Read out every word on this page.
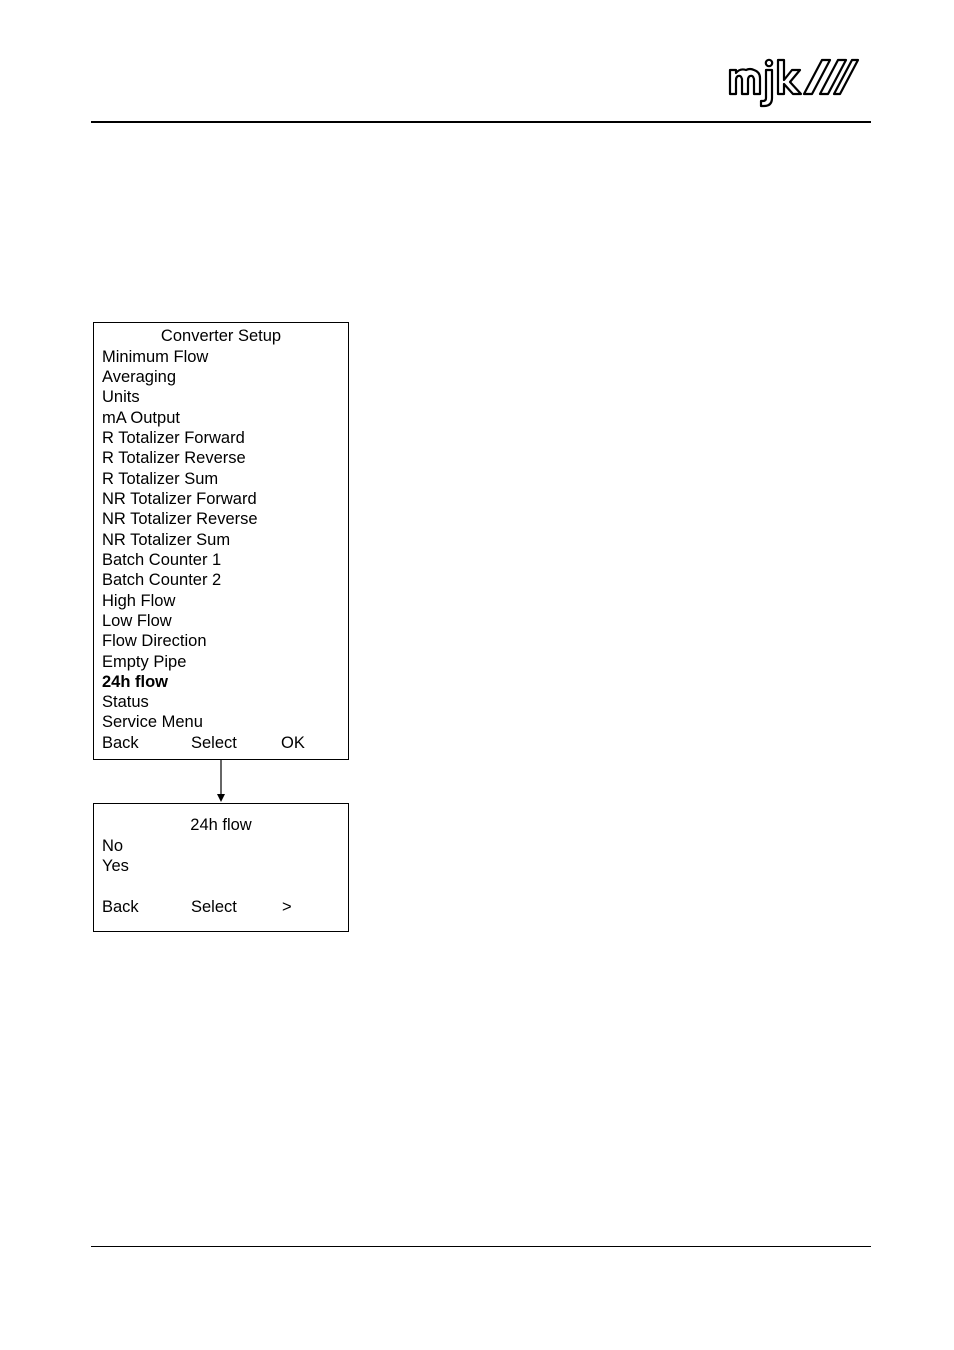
Converter Setup
Minimum Flow
Averaging
Units
mA Output
R Totalizer Forward
R Totalizer Reverse
R Totalizer Sum
NR Totalizer Forward
NR Totalizer Reverse
NR Totalizer Sum
Batch Counter 1
Batch Counter 2
High Flow
Low Flow
Flow Direction
Empty Pipe
24h flow
Status
Service Menu
Back	Select	OK
24h flow
No
Yes
Back	Select	>
